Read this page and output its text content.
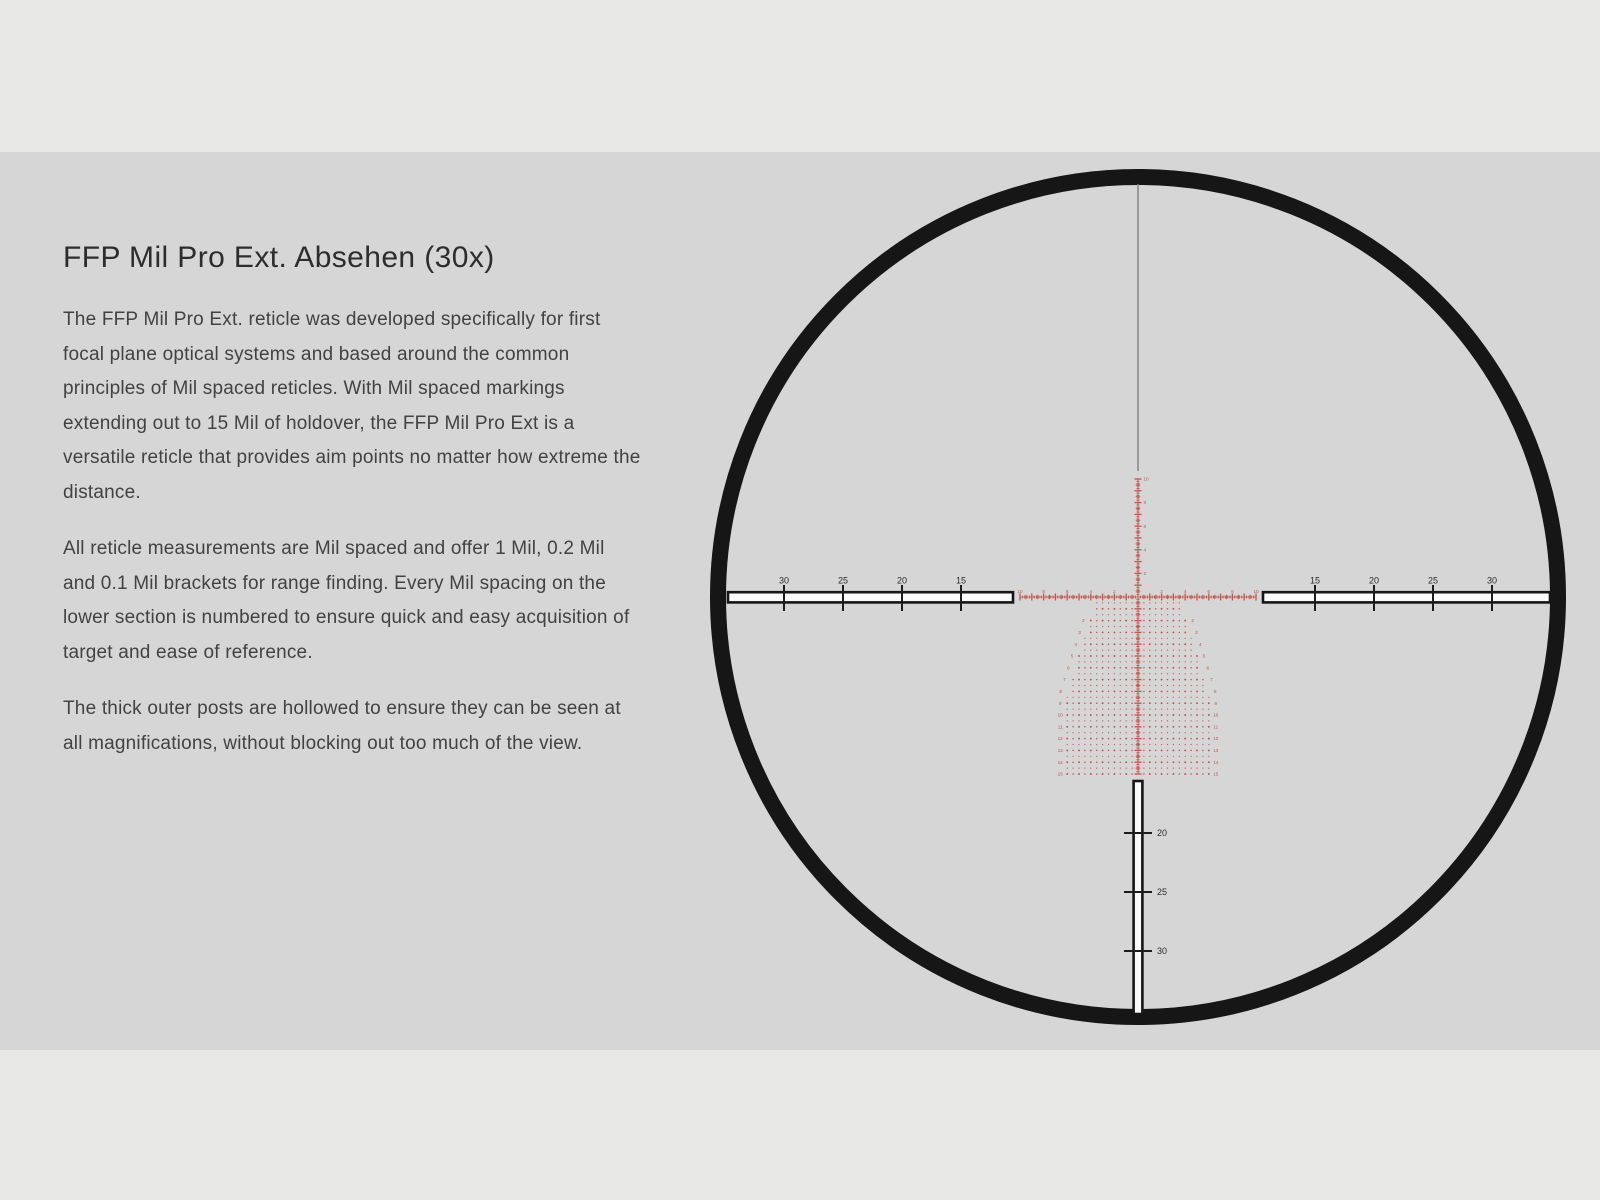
FFP Mil Pro Ext. Absehen (30x)

The FFP Mil Pro Ext. reticle was developed specifically for first focal plane optical systems and based around the common principles of Mil spaced reticles. With Mil spaced markings extending out to 15 Mil of holdover, the FFP Mil Pro Ext is a versatile reticle that provides aim points no matter how extreme the distance.

All reticle measurements are Mil spaced and offer 1 Mil, 0.2 Mil and 0.1 Mil brackets for range finding. Every Mil spacing on the lower section is numbered to ensure quick and easy acquisition of target and ease of reference.

The thick outer posts are hollowed to ensure they can be seen at all magnifications, without blocking out too much of the view.

15	15
20	20
25	25
30	30
20
25
30
2
2
2
4
4
4
6
6
6
8
8
8
10
10
10
2	2
3	3
4	4
5	5
6	6
7	7
8	8
9	9
10	10
11	11
12	12
13	13
14	14
15	15
